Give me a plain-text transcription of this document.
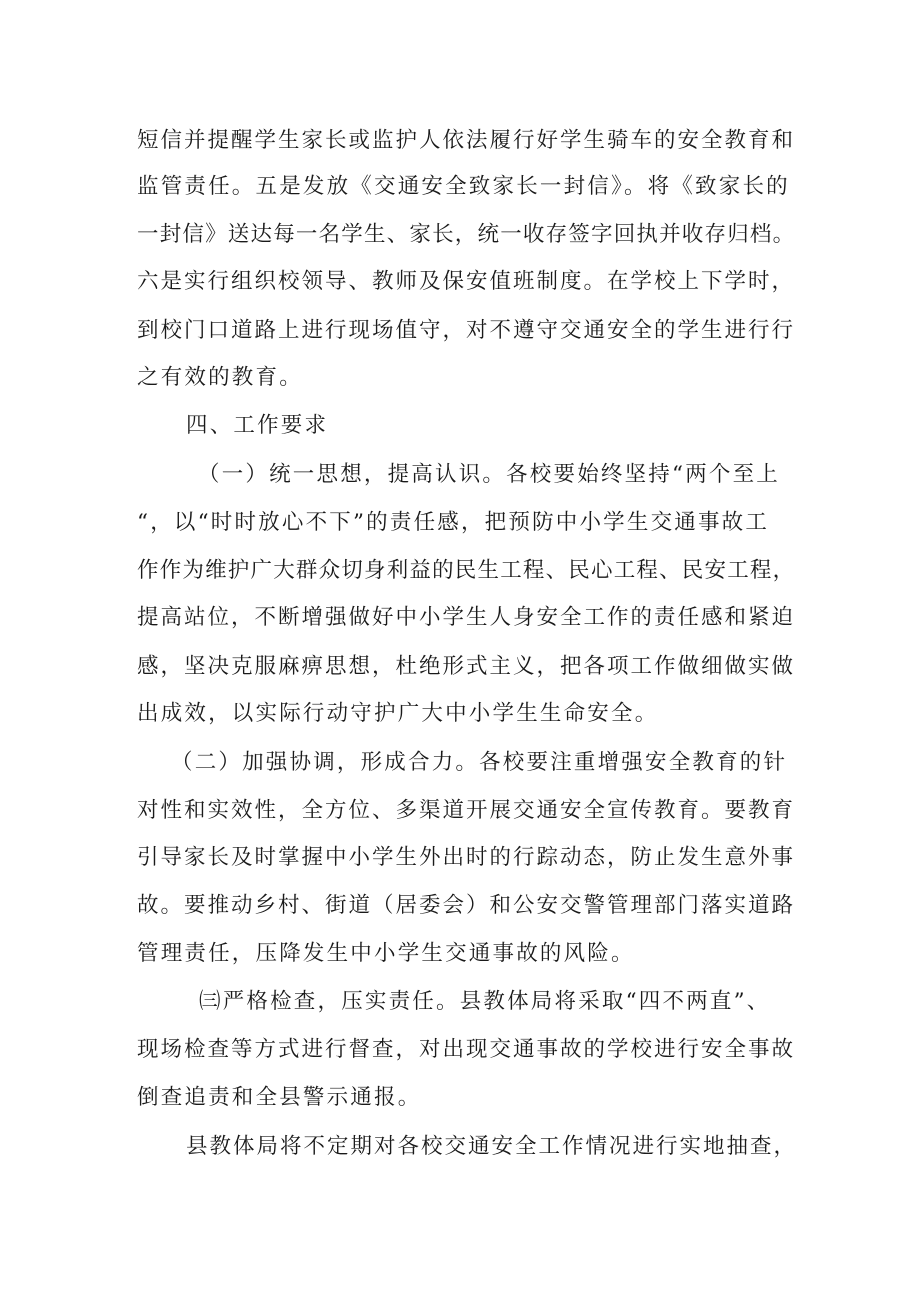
短信并提醒学生家长或监护人依法履行好学生骑车的安全教育和
监管责任。五是发放《交通安全致家长一封信》。将《致家长的
一封信》送达每一名学生、家长，统一收存签字回执并收存归档。
六是实行组织校领导、教师及保安值班制度。在学校上下学时，
到校门口道路上进行现场值守，对不遵守交通安全的学生进行行
之有效的教育。
四、工作要求
（一）统一思想，提高认识。各校要始终坚持“两个至上
“，以“时时放心不下”的责任感，把预防中小学生交通事故工
作作为维护广大群众切身利益的民生工程、民心工程、民安工程，
提高站位，不断增强做好中小学生人身安全工作的责任感和紧迫
感，坚决克服麻痹思想，杜绝形式主义，把各项工作做细做实做
出成效，以实际行动守护广大中小学生生命安全。
（二）加强协调，形成合力。各校要注重增强安全教育的针
对性和实效性，全方位、多渠道开展交通安全宣传教育。要教育
引导家长及时掌握中小学生外出时的行踪动态，防止发生意外事
故。要推动乡村、街道（居委会）和公安交警管理部门落实道路
管理责任，压降发生中小学生交通事故的风险。
㈢严格检查，压实责任。县教体局将采取“四不两直”、
现场检查等方式进行督查，对出现交通事故的学校进行安全事故
倒查追责和全县警示通报。
县教体局将不定期对各校交通安全工作情况进行实地抽查，
